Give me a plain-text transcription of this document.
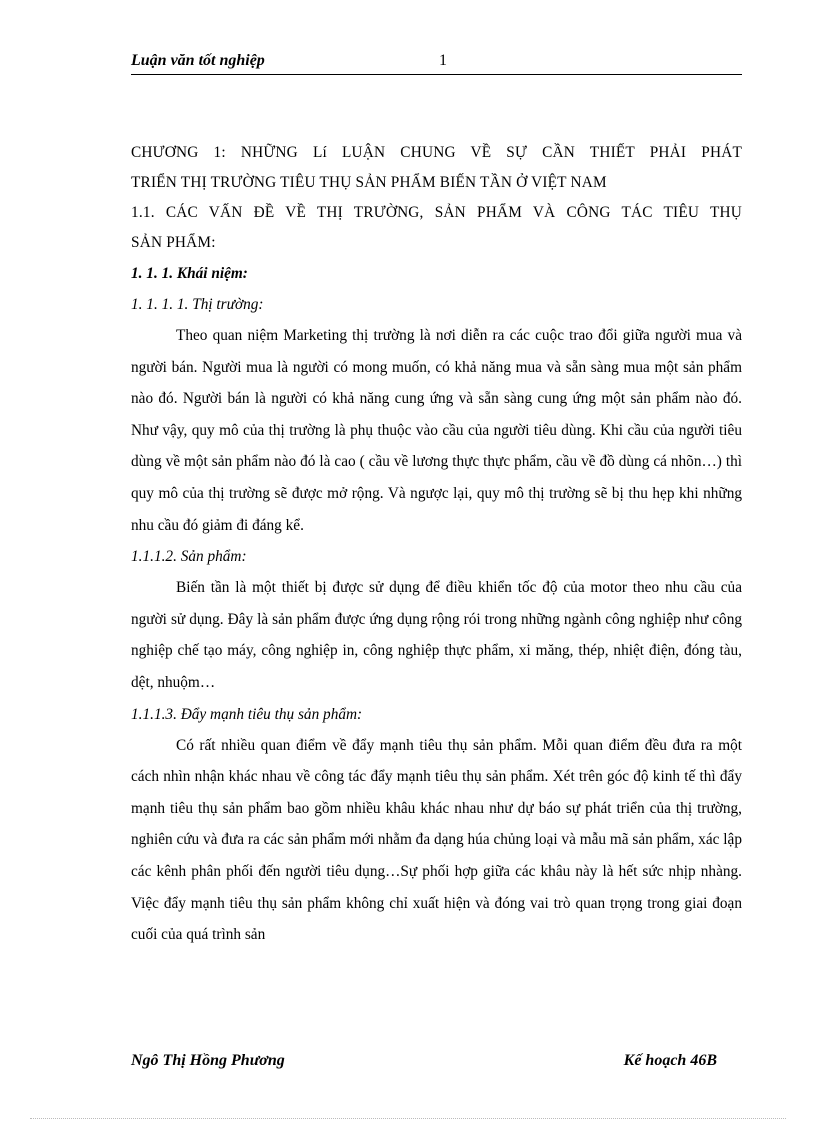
Luận văn tốt nghiệp	1
CHƯƠNG 1: NHỮNG Lí LUẬN CHUNG VỀ SỰ CẦN THIẾT PHẢI PHÁT
TRIỂN THỊ TRƯỜNG TIÊU THỤ SẢN PHẨM BIẾN TẦN Ở VIỆT NAM
1.1. CÁC VẤN ĐỀ VỀ THỊ TRƯỜNG, SẢN PHẨM VÀ CÔNG TÁC TIÊU THỤ
SẢN PHẨM:
1. 1. 1. Khái niệm:
1. 1. 1. 1. Thị trường:

Theo quan niệm Marketing thị trường là nơi diễn ra các cuộc trao đổi giữa người mua và người bán. Người mua là người có mong muốn, có khả năng mua và sẵn sàng mua một sản phẩm nào đó. Người bán là người có khả năng cung ứng và sẵn sàng cung ứng một sản phẩm nào đó. Như vậy, quy mô của thị trường là phụ thuộc vào cầu của người tiêu dùng. Khi cầu của người tiêu dùng về một sản phẩm nào đó là cao ( cầu về lương thực thực phẩm, cầu về đồ dùng cá nhõn…) thì quy mô của thị trường sẽ được mở rộng. Và ngược lại, quy mô thị trường sẽ bị thu hẹp khi những nhu cầu đó giảm đi đáng kể.

1.1.1.2. Sản phẩm:

Biến tần là một thiết bị được sử dụng để điều khiển tốc độ của motor theo nhu cầu của người sử dụng. Đây là sản phẩm được ứng dụng rộng rói trong những ngành công nghiệp như công nghiệp chế tạo máy, công nghiệp in, công nghiệp thực phẩm, xi măng, thép, nhiệt điện, đóng tàu, dệt, nhuộm…

1.1.1.3. Đẩy mạnh tiêu thụ sản phẩm:

Có rất nhiều quan điểm về đẩy mạnh tiêu thụ sản phẩm. Mỗi quan điểm đều đưa ra một cách nhìn nhận khác nhau về công tác đẩy mạnh tiêu thụ sản phẩm. Xét trên góc độ kinh tế thì đẩy mạnh tiêu thụ sản phẩm bao gồm nhiều khâu khác nhau như dự báo sự phát triển của thị trường, nghiên cứu và đưa ra các sản phẩm mới nhằm đa dạng húa chủng loại và mẫu mã sản phẩm, xác lập các kênh phân phối đến người tiêu dụng…Sự phối hợp giữa các khâu này là hết sức nhịp nhàng. Việc đẩy mạnh tiêu thụ sản phẩm không chỉ xuất hiện và đóng vai trò quan trọng trong giai đoạn cuối của quá trình sản

Ngô Thị Hồng Phương	Kế hoạch 46B
